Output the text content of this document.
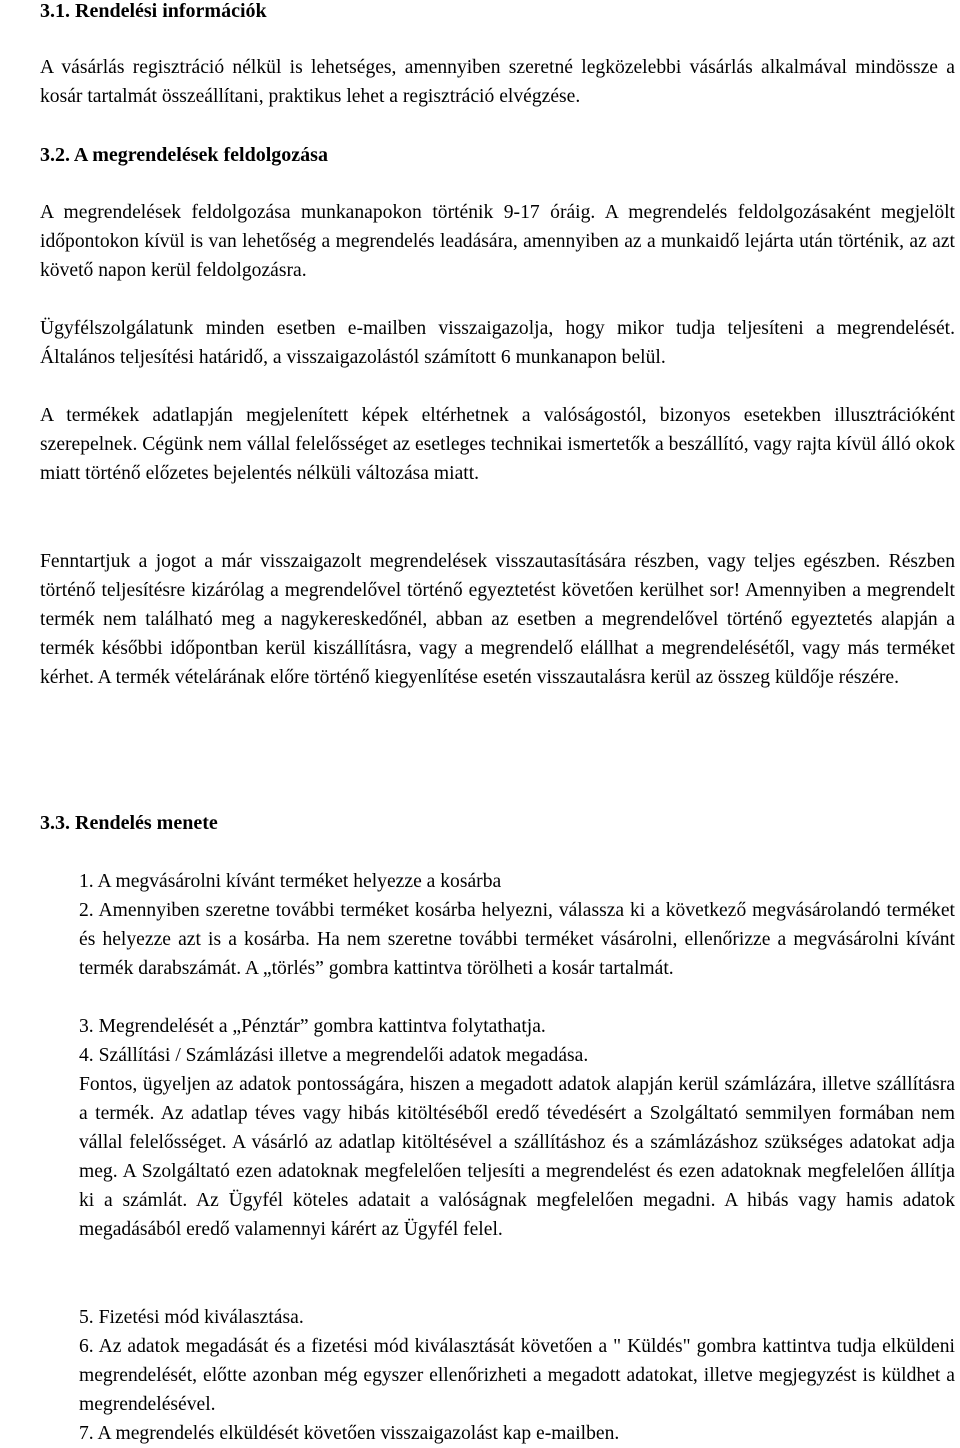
3.1. Rendelési információk

A vásárlás regisztráció nélkül is lehetséges, amennyiben szeretné legközelebbi vásárlás alkalmával mindössze a kosár tartalmát összeállítani, praktikus lehet a regisztráció elvégzése.

3.2. A megrendelések feldolgozása

A megrendelések feldolgozása munkanapokon történik 9-17 óráig. A megrendelés feldolgozásaként megjelölt időpontokon kívül is van lehetőség a megrendelés leadására, amennyiben az a munkaidő lejárta után történik, az azt követő napon kerül feldolgozásra.

Ügyfélszolgálatunk minden esetben e-mailben visszaigazolja, hogy mikor tudja teljesíteni a megrendelését. Általános teljesítési határidő, a visszaigazolástól számított 6 munkanapon belül.

A termékek adatlapján megjelenített képek eltérhetnek a valóságostól, bizonyos esetekben illusztrációként szerepelnek. Cégünk nem vállal felelősséget az esetleges technikai ismertetők a beszállító, vagy rajta kívül álló okok miatt történő előzetes bejelentés nélküli változása miatt.

Fenntartjuk a jogot a már visszaigazolt megrendelések visszautasítására részben, vagy teljes egészben. Részben történő teljesítésre kizárólag a megrendelővel történő egyeztetést követően kerülhet sor! Amennyiben a megrendelt termék nem található meg a nagykereskedőnél, abban az esetben a megrendelővel történő egyeztetés alapján a termék későbbi időpontban kerül kiszállításra, vagy a megrendelő elállhat a megrendelésétől, vagy más terméket kérhet. A termék vételárának előre történő kiegyenlítése esetén visszautalásra kerül az összeg küldője részére.

3.3. Rendelés menete

1. A megvásárolni kívánt terméket helyezze a kosárba

2. Amennyiben szeretne további terméket kosárba helyezni, válassza ki a következő megvásárolandó terméket és helyezze azt is a kosárba. Ha nem szeretne további terméket vásárolni, ellenőrizze a megvásárolni kívánt termék darabszámát. A „törlés” gombra kattintva törölheti a kosár tartalmát.

3. Megrendelését a „Pénztár” gombra kattintva folytathatja.

4. Szállítási / Számlázási illetve a megrendelői adatok megadása.

Fontos, ügyeljen az adatok pontosságára, hiszen a megadott adatok alapján kerül számlázára, illetve szállításra a termék. Az adatlap téves vagy hibás kitöltéséből eredő tévedésért a Szolgáltató semmilyen formában nem vállal felelősséget. A vásárló az adatlap kitöltésével a szállításhoz és a számlázáshoz szükséges adatokat adja meg. A Szolgáltató ezen adatoknak megfelelően teljesíti a megrendelést és ezen adatoknak megfelelően állítja ki a számlát. Az Ügyfél köteles adatait a valóságnak megfelelően megadni. A hibás vagy hamis adatok megadásából eredő valamennyi kárért az Ügyfél felel.

5. Fizetési mód kiválasztása.

6. Az adatok megadását és a fizetési mód kiválasztását követően a " Küldés" gombra kattintva tudja elküldeni megrendelését, előtte azonban még egyszer ellenőrizheti a megadott adatokat, illetve megjegyzést is küldhet a megrendelésével.

7. A megrendelés elküldését követően visszaigazolást kap e-mailben.
